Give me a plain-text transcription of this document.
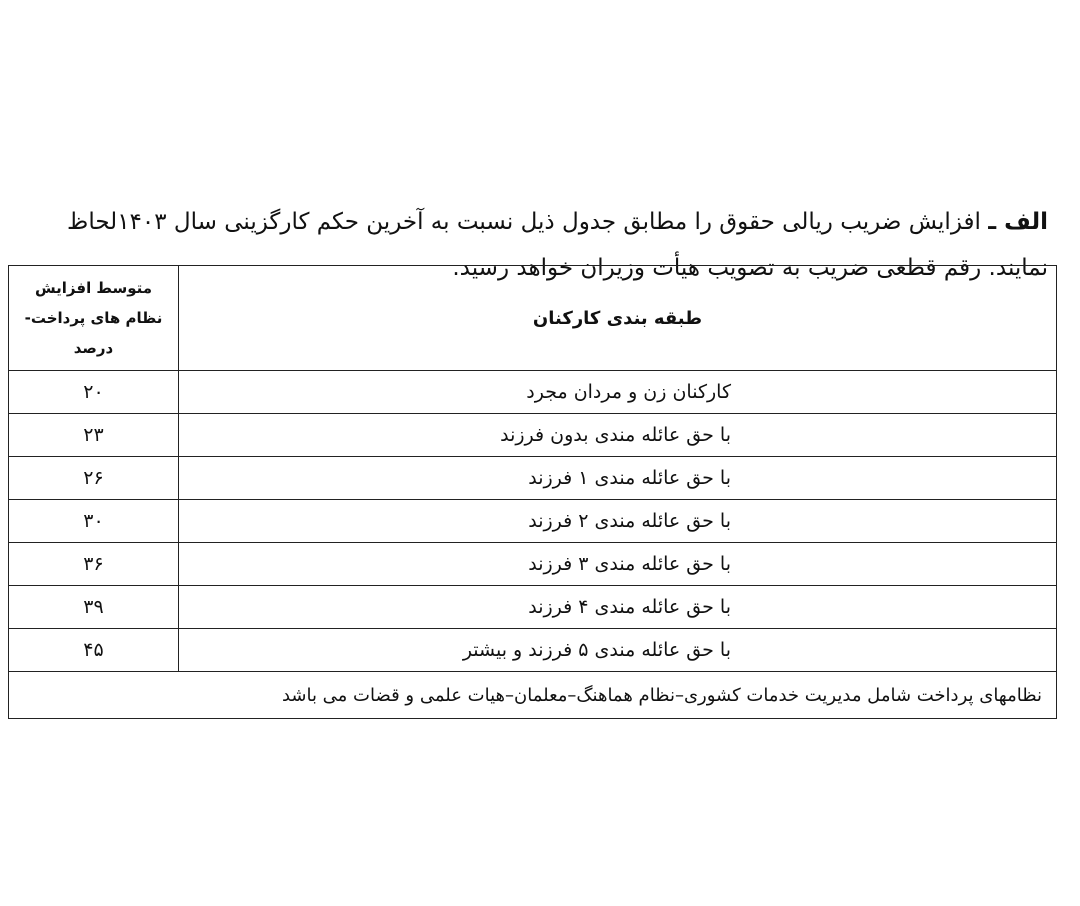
الف ـ افزایش ضریب ریالی حقوق را مطابق جدول ذیل نسبت به آخرین حکم کارگزینی سال ۱۴۰۳لحاظ نمایند. رقم قطعی ضریب به تصویب هیأت وزیران خواهد رسید.

طبقه بندی کارکنان	متوسط افزایش نظام های پرداخت-درصد
کارکنان زن و مردان مجرد	۲۰
با حق عائله مندی بدون فرزند	۲۳
با حق عائله مندی ۱ فرزند	۲۶
با حق عائله مندی ۲ فرزند	۳۰
با حق عائله مندی ۳ فرزند	۳۶
با حق عائله مندی ۴ فرزند	۳۹
با حق عائله مندی ۵ فرزند و بیشتر	۴۵
نظامهای پرداخت شامل مدیریت خدمات کشوری–نظام هماهنگ–معلمان–هیات علمی و قضات می باشد	
